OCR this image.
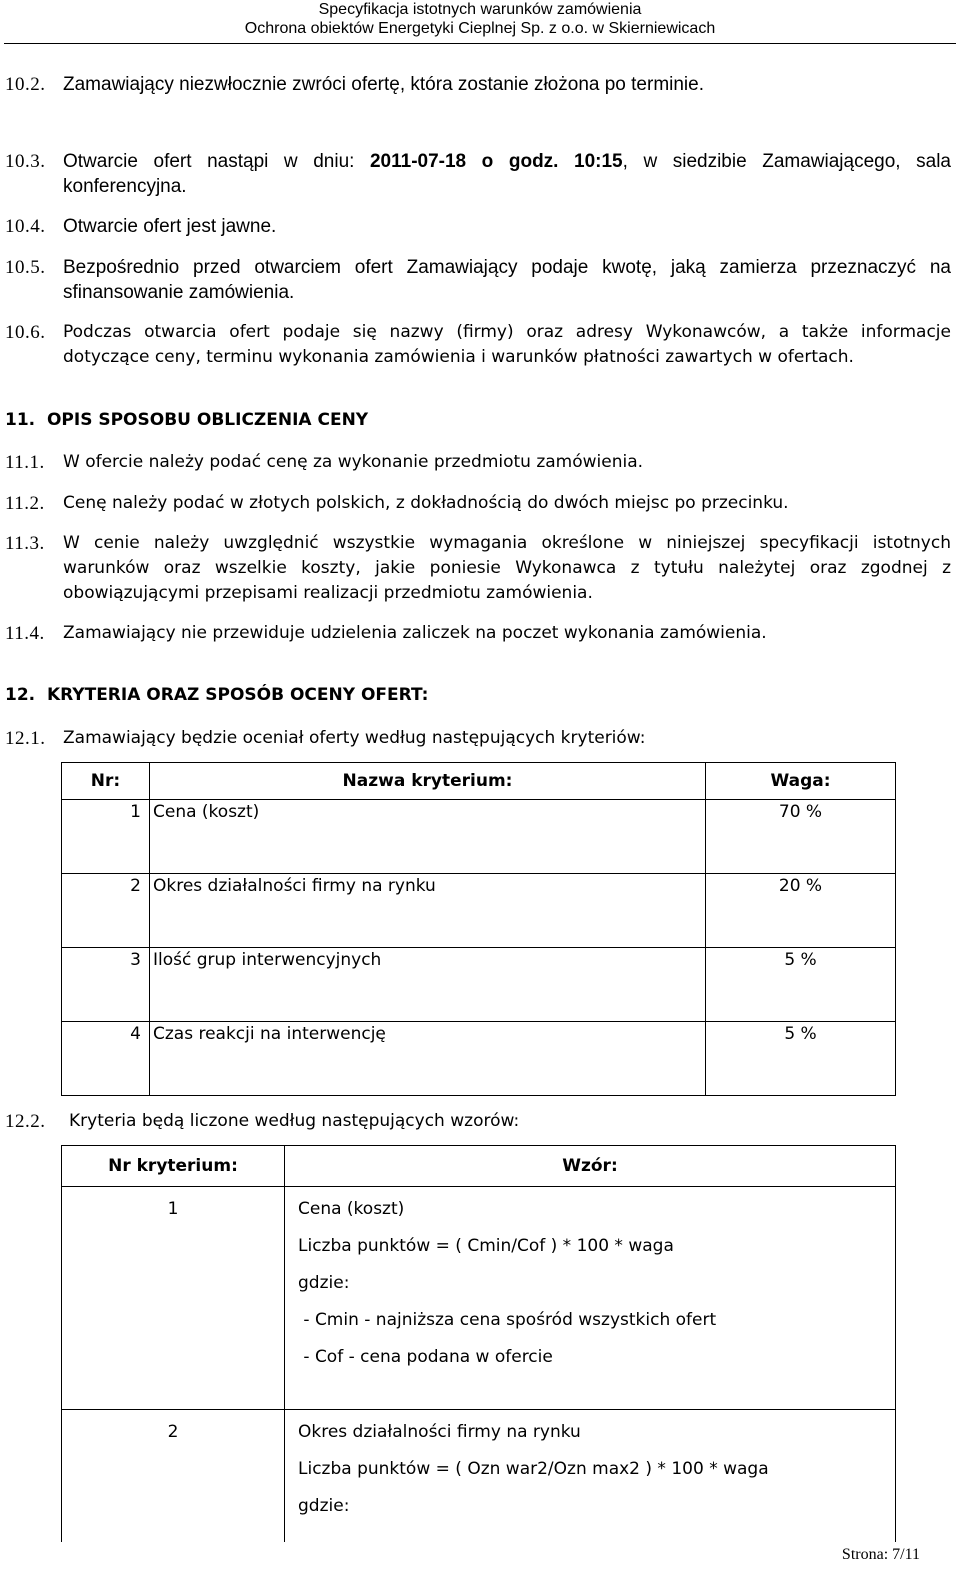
Specyfikacja istotnych warunków zamówienia
Ochrona obiektów Energetyki Cieplnej Sp. z o.o. w Skierniewicach
10.2. Zamawiający niezwłocznie zwróci ofertę, która zostanie złożona po terminie.
10.3. Otwarcie ofert nastąpi w dniu: 2011-07-18 o godz. 10:15, w siedzibie Zamawiającego, sala
konferencyjna.
10.4. Otwarcie ofert jest jawne.
10.5. Bezpośrednio przed otwarciem ofert Zamawiający podaje kwotę, jaką zamierza przeznaczyć na
sfinansowanie zamówienia.
10.6. Podczas otwarcia ofert podaje się nazwy (firmy) oraz adresy Wykonawców, a także informacje dotyczące ceny, terminu wykonania zamówienia i warunków płatności zawartych w ofertach.
11.  OPIS SPOSOBU OBLICZENIA CENY
11.1. W ofercie należy podać cenę za wykonanie przedmiotu zamówienia.
11.2. Cenę należy podać w złotych polskich, z dokładnością do dwóch miejsc po przecinku.
11.3. W cenie należy uwzględnić wszystkie wymagania określone w niniejszej specyfikacji istotnych warunków oraz wszelkie koszty, jakie poniesie Wykonawca z tytułu należytej oraz zgodnej z obowiązującymi przepisami realizacji przedmiotu zamówienia.
11.4. Zamawiający nie przewiduje udzielenia zaliczek na poczet wykonania zamówienia.
12.  KRYTERIA ORAZ SPOSÓB OCENY OFERT:
12.1. Zamawiający będzie oceniał oferty według następujących kryteriów:
Nr:	Nazwa kryterium:	Waga:
1	Cena (koszt)	70 %
2	Okres działalności firmy na rynku	20 %
3	Ilość grup interwencyjnych	5 %
4	Czas reakcji na interwencję	5 %
12.2. Kryteria będą liczone według następujących wzorów:
Nr kryterium:	Wzór:
1	Cena (koszt)
Liczba punktów = ( Cmin/Cof ) * 100 * waga
gdzie:
- Cmin - najniższa cena spośród wszystkich ofert
- Cof - cena podana w ofercie

2	Okres działalności firmy na rynku
Liczba punktów = ( Ozn war2/Ozn max2 ) * 100 * waga
gdzie:
Strona: 7/11
